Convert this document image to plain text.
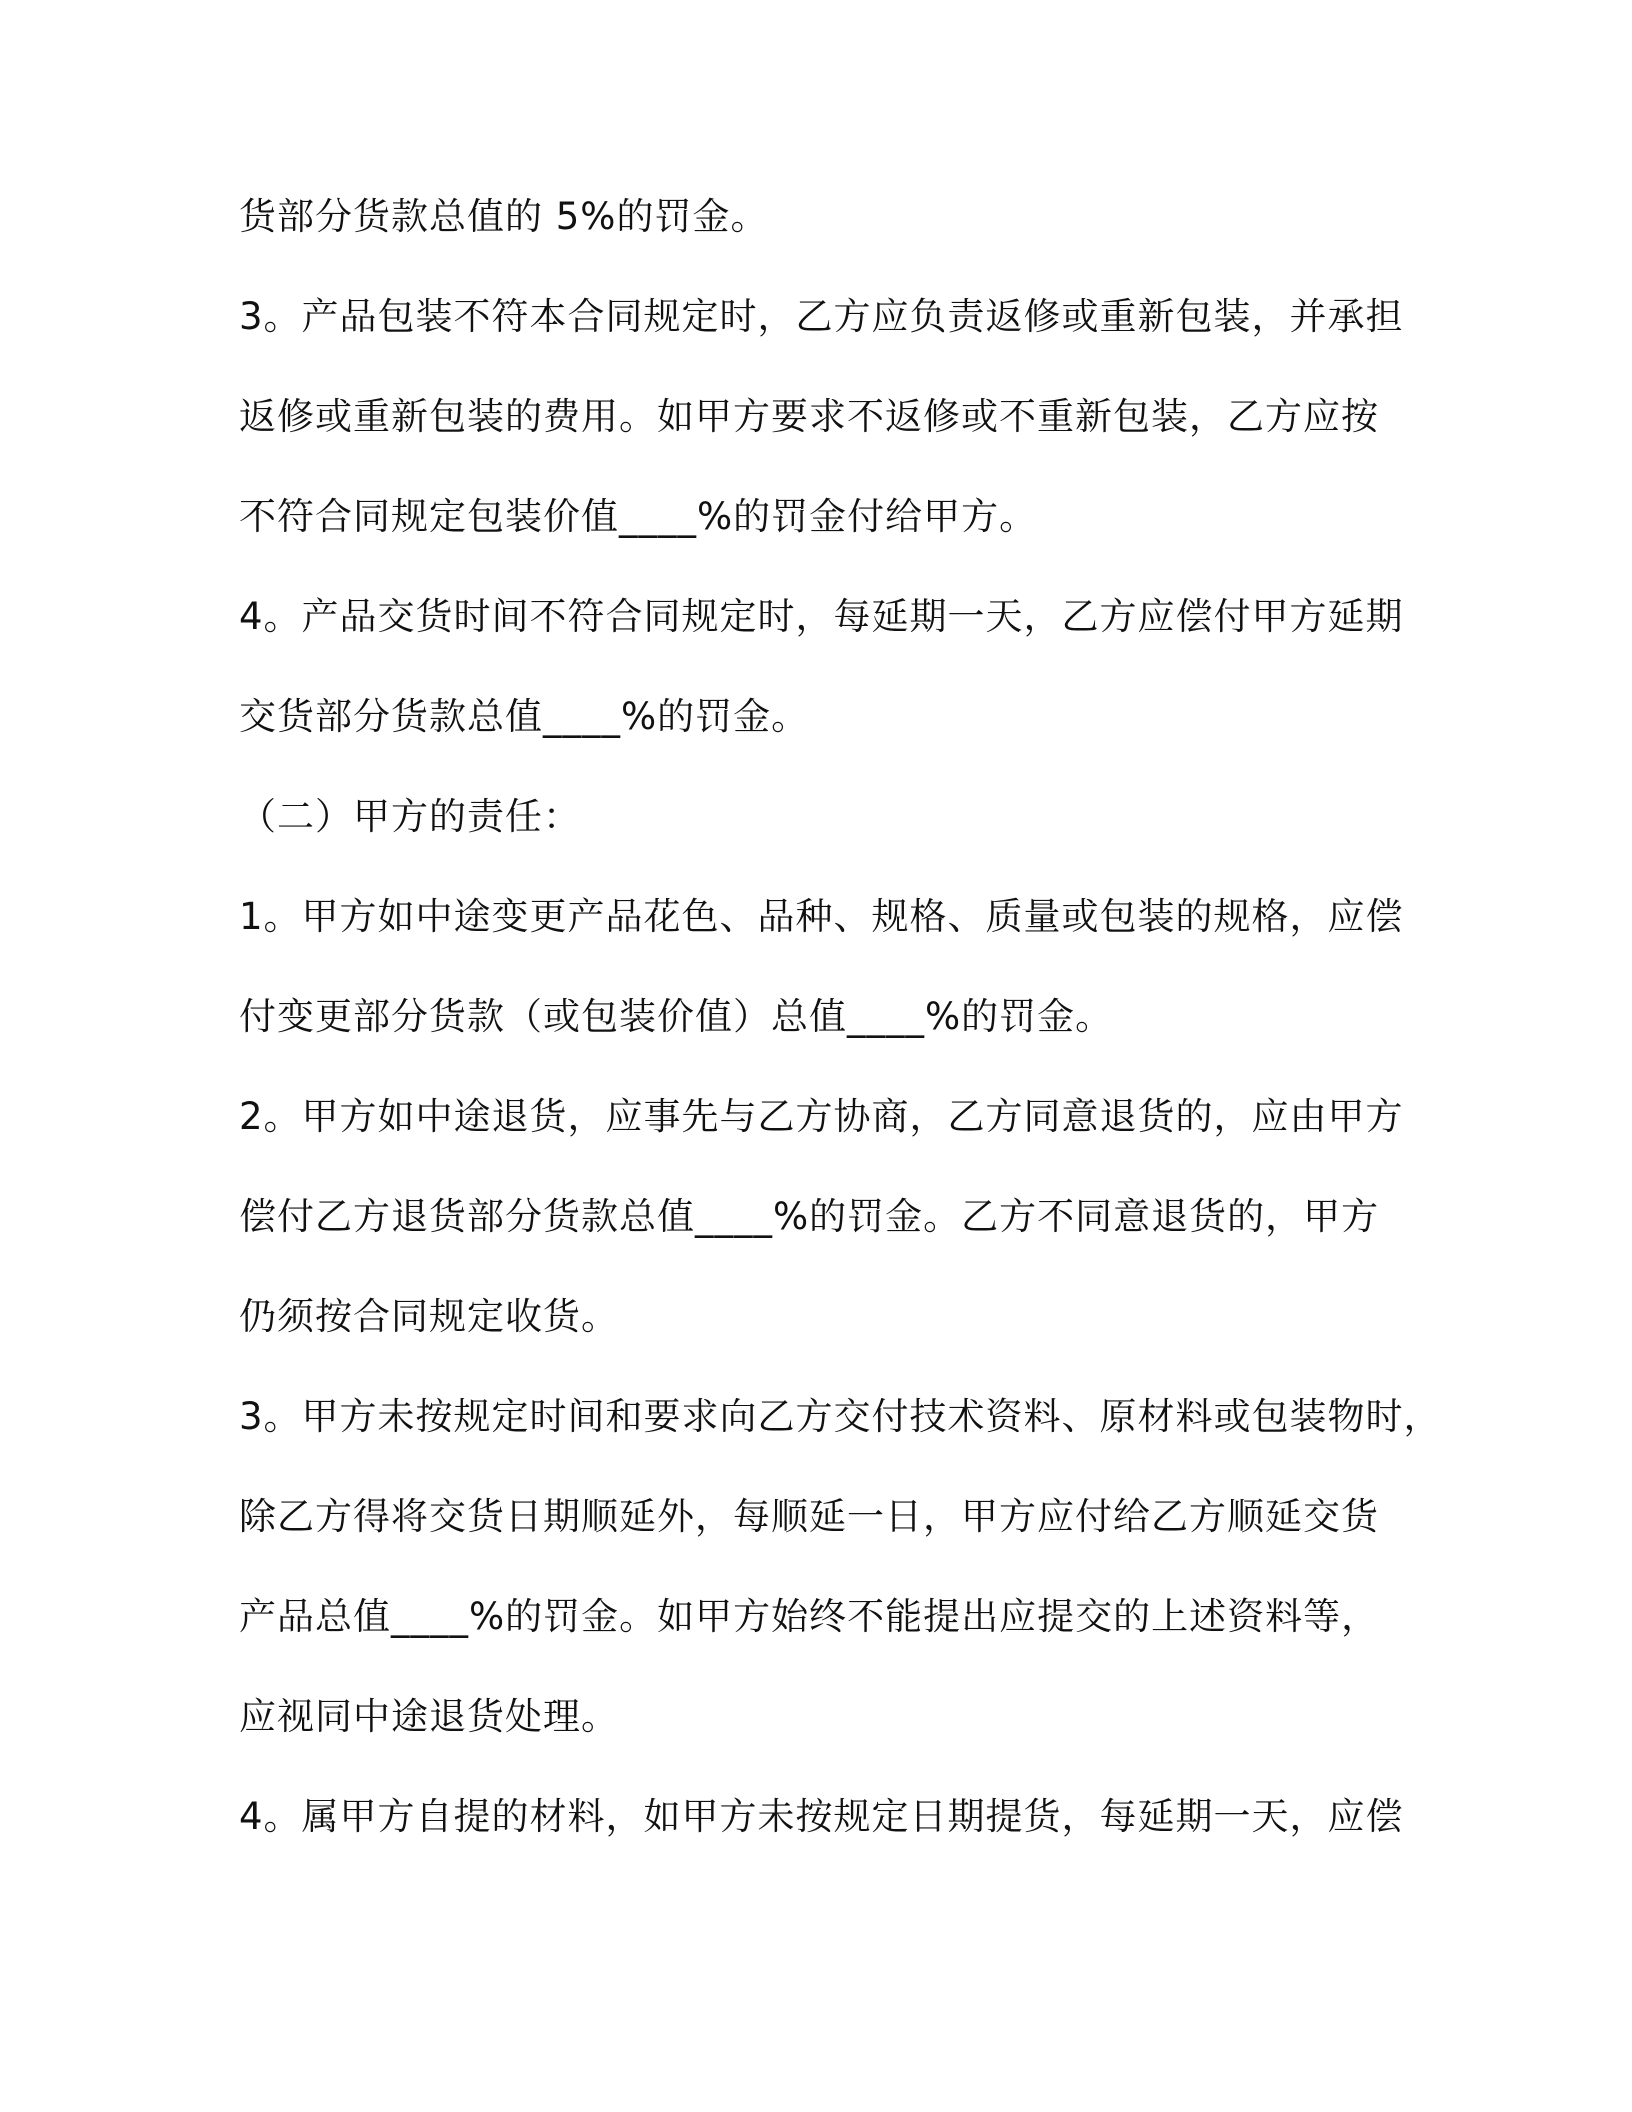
货部分货款总值的 5%的罚金。
3。产品包装不符本合同规定时，乙方应负责返修或重新包装，并承担
返修或重新包装的费用。如甲方要求不返修或不重新包装，乙方应按
不符合同规定包装价值____%的罚金付给甲方。
4。产品交货时间不符合同规定时，每延期一天，乙方应偿付甲方延期
交货部分货款总值____%的罚金。
（二）甲方的责任：
1。甲方如中途变更产品花色、品种、规格、质量或包装的规格，应偿
付变更部分货款（或包装价值）总值____%的罚金。
2。甲方如中途退货，应事先与乙方协商，乙方同意退货的，应由甲方
偿付乙方退货部分货款总值____%的罚金。乙方不同意退货的，甲方
仍须按合同规定收货。
3。甲方未按规定时间和要求向乙方交付技术资料、原材料或包装物时，
除乙方得将交货日期顺延外，每顺延一日，甲方应付给乙方顺延交货
产品总值____%的罚金。如甲方始终不能提出应提交的上述资料等，
应视同中途退货处理。
4。属甲方自提的材料，如甲方未按规定日期提货，每延期一天，应偿
